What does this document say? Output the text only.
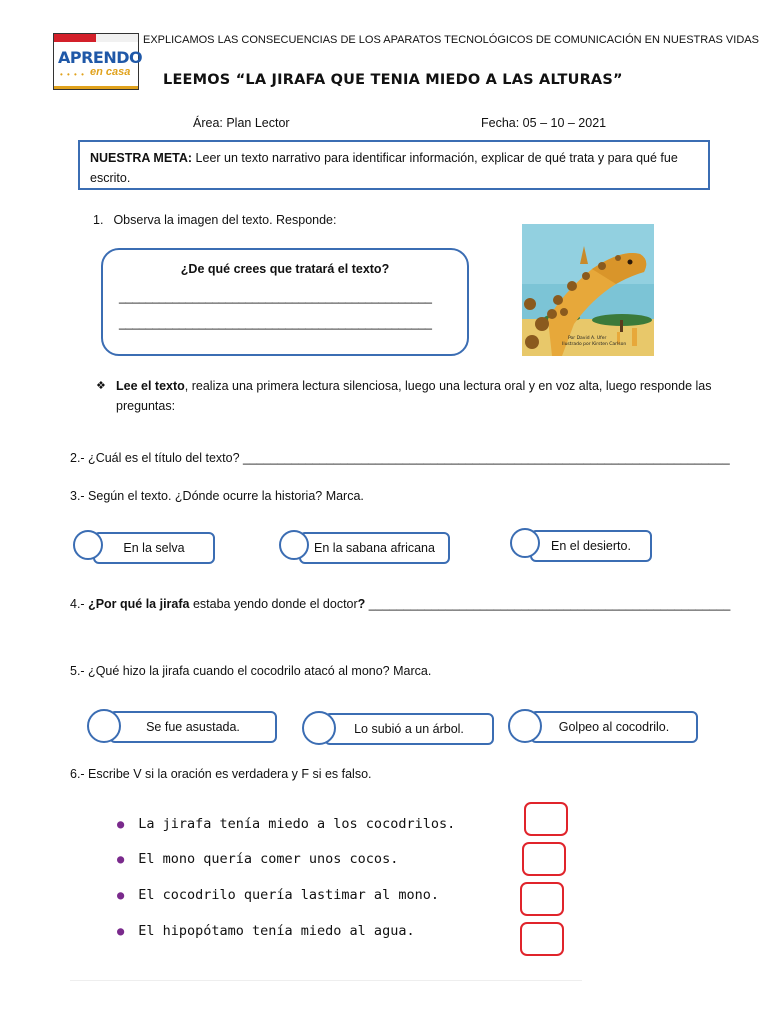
APRENDO
• • • • en casa
EXPLICAMOS LAS CONSECUENCIAS DE LOS APARATOS TECNOLÓGICOS DE COMUNICACIÓN EN NUESTRAS VIDAS
LEEMOS “LA JIRAFA QUE TENIA MIEDO A LAS ALTURAS”
Área: Plan Lector	Fecha: 05 – 10 – 2021
NUESTRA META: Leer un texto narrativo para identificar información, explicar de qué trata y para qué fue escrito.
1. Observa la imagen del texto. Responde:
¿De qué crees que tratará el texto?
_______________________________________________
_______________________________________________
Por David A. Ufer
Ilustrado por Kirsten Carlson
❖ Lee el texto, realiza una primera lectura silenciosa, luego una lectura oral y en voz alta, luego responde las preguntas:
2.- ¿Cuál es el título del texto? ______________________________________________________________________
3.- Según el texto. ¿Dónde ocurre la historia? Marca.
En la selva	En la sabana africana	En el desierto.
4.- ¿Por qué la jirafa estaba yendo donde el doctor? ____________________________________________________
5.- ¿Qué hizo la jirafa cuando el cocodrilo atacó al mono? Marca.
Se fue asustada.	Lo subió a un árbol.	Golpeo al cocodrilo.
6.- Escribe V si la oración es verdadera y F si es falso.
● La jirafa tenía miedo a los cocodrilos.
● El mono quería comer unos cocos.
● El cocodrilo quería lastimar al mono.
● El hipopótamo tenía miedo al agua.
